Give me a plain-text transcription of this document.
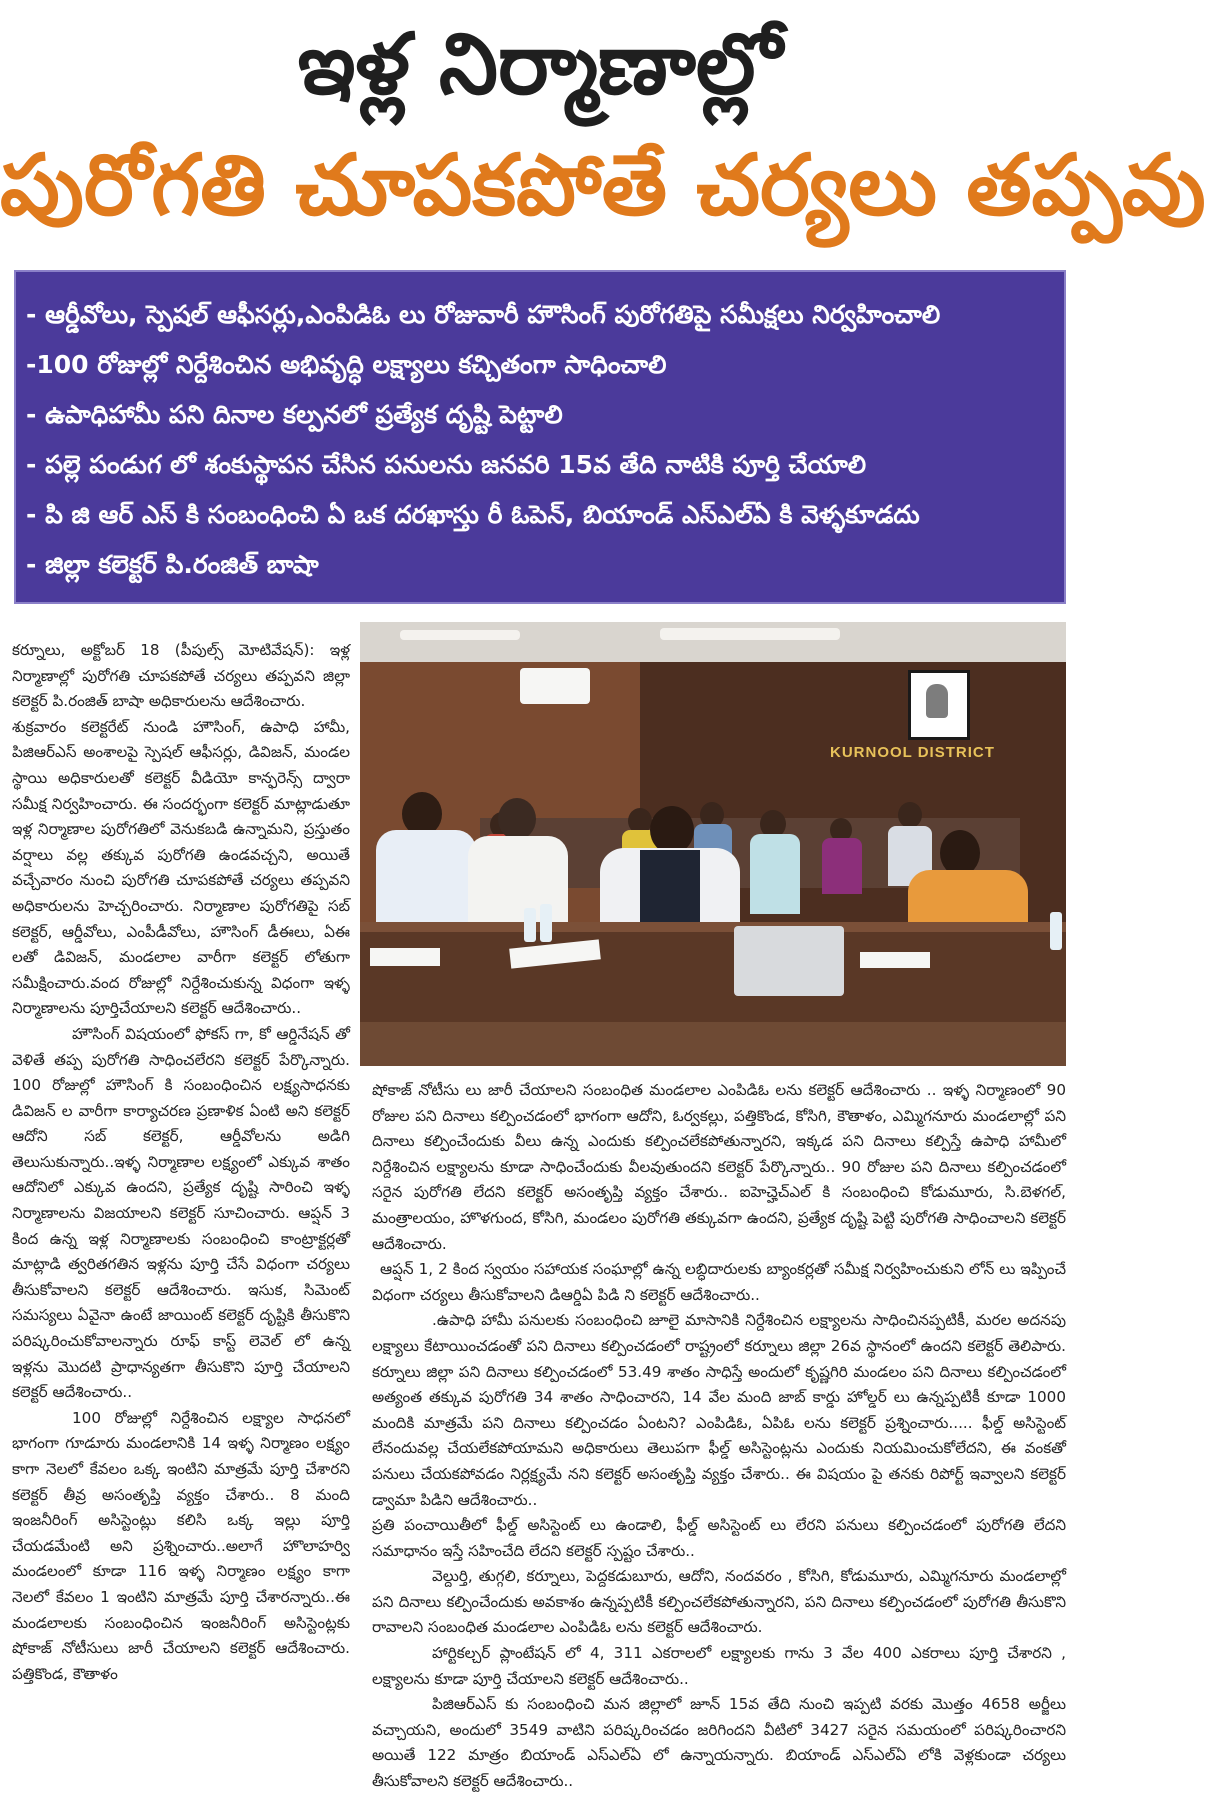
ఇళ్ల నిర్మాణాల్లో
పురోగతి చూపకపోతే చర్యలు తప్పవు
- ఆర్డీవోలు, స్పెషల్ ఆఫీసర్లు,ఎంపిడిఓ లు రోజువారీ హౌసింగ్ పురోగతిపై సమీక్షలు నిర్వహించాలి
-100 రోజుల్లో నిర్దేశించిన అభివృద్ధి లక్ష్యాలు కచ్చితంగా సాధించాలి
- ఉపాధిహామీ పని దినాల కల్పనలో ప్రత్యేక దృష్టి పెట్టాలి
- పల్లె పండుగ లో శంకుస్థాపన చేసిన పనులను జనవరి 15వ తేది నాటికి పూర్తి చేయాలి
- పి జి ఆర్ ఎస్ కి సంబంధించి ఏ ఒక దరఖాస్తు రీ ఓపెన్, బియాండ్ ఎస్ఎల్ఏ కి వెళ్ళకూడదు
- జిల్లా కలెక్టర్ పి.రంజిత్ బాషా
KURNOOL DISTRICT

కర్నూలు, అక్టోబర్ 18 (పీపుల్స్ మోటివేషన్): ఇళ్ల నిర్మాణాల్లో పురోగతి చూపకపోతే చర్యలు తప్పవని జిల్లా కలెక్టర్ పి.రంజిత్ బాషా అధికారులను ఆదేశించారు.

శుక్రవారం కలెక్టరేట్ నుండి హౌసింగ్, ఉపాధి హామీ, పిజిఆర్ఎస్ అంశాలపై స్పెషల్ ఆఫీసర్లు, డివిజన్, మండల స్థాయి అధికారులతో కలెక్టర్ వీడియో కాన్ఫరెన్స్ ద్వారా సమీక్ష నిర్వహించారు. ఈ సందర్భంగా కలెక్టర్ మాట్లాడుతూ ఇళ్ల నిర్మాణాల పురోగతిలో వెనుకబడి ఉన్నామని, ప్రస్తుతం వర్షాలు వల్ల తక్కువ పురోగతి ఉండవచ్చని, అయితే వచ్చేవారం నుంచి పురోగతి చూపకపోతే చర్యలు తప్పవని అధికారులను హెచ్చరించారు. నిర్మాణాల పురోగతిపై సబ్ కలెక్టర్, ఆర్డీవోలు, ఎంపీడీవోలు, హౌసింగ్ డీఈలు, ఏఈ లతో డివిజన్, మండలాల వారీగా కలెక్టర్ లోతుగా సమీక్షించారు.వంద రోజుల్లో నిర్దేశించుకున్న విధంగా ఇళ్ళ నిర్మాణాలను పూర్తిచేయాలని కలెక్టర్ ఆదేశించారు..

హౌసింగ్ విషయంలో ఫోకస్ గా, కో ఆర్డినేషన్ తో వెళితే తప్ప పురోగతి సాధించలేరని కలెక్టర్ పేర్కొన్నారు. 100 రోజుల్లో హౌసింగ్ కి సంబంధించిన లక్ష్యసాధనకు డివిజన్ ల వారీగా కార్యాచరణ ప్రణాళిక ఏంటి అని కలెక్టర్ ఆదోని సబ్ కలెక్టర్, ఆర్డీవోలను అడిగి తెలుసుకున్నారు..ఇళ్ళ నిర్మాణాల లక్ష్యంలో ఎక్కువ శాతం ఆదోనిలో ఎక్కువ ఉందని, ప్రత్యేక దృష్టి సారించి ఇళ్ళ నిర్మాణాలను విజయాలని కలెక్టర్ సూచించారు. ఆప్షన్ 3 కింద ఉన్న ఇళ్ల నిర్మాణాలకు సంబంధించి కాంట్రాక్టర్లతో మాట్లాడి త్వరితగతిన ఇళ్లను పూర్తి చేసే విధంగా చర్యలు తీసుకోవాలని కలెక్టర్ ఆదేశించారు. ఇసుక, సిమెంట్ సమస్యలు ఏవైనా ఉంటే జాయింట్ కలెక్టర్ దృష్టికి తీసుకొని పరిష్కరించుకోవాలన్నారు రూఫ్ కాస్ట్ లెవెల్ లో ఉన్న ఇళ్లను మొదటి ప్రాధాన్యతగా తీసుకొని పూర్తి చేయాలని కలెక్టర్ ఆదేశించారు..

100 రోజుల్లో నిర్దేశించిన లక్ష్యాల సాధనలో భాగంగా గూడూరు మండలానికి 14 ఇళ్ళ నిర్మాణం లక్ష్యం కాగా నెలలో కేవలం ఒక్క ఇంటిని మాత్రమే పూర్తి చేశారని కలెక్టర్ తీవ్ర అసంతృప్తి వ్యక్తం చేశారు.. 8 మంది ఇంజనీరింగ్ అసిస్టెంట్లు కలిసి ఒక్క ఇల్లు పూర్తి చేయడమేంటి అని ప్రశ్నించారు..అలాగే హొలాహర్వి మండలంలో కూడా 116 ఇళ్ళ నిర్మాణం లక్ష్యం కాగా నెలలో కేవలం 1 ఇంటిని మాత్రమే పూర్తి చేశారన్నారు..ఈ మండలాలకు సంబంధించిన ఇంజనీరింగ్ అసిస్టెంట్లకు షోకాజ్ నోటీసులు జారీ చేయాలని కలెక్టర్ ఆదేశించారు. పత్తికొండ, కౌతాళం

షోకాజ్ నోటీసు లు జారీ చేయాలని సంబంధిత మండలాల ఎంపిడిఓ లను కలెక్టర్ ఆదేశించారు .. ఇళ్ళ నిర్మాణంలో 90 రోజుల పని దినాలు కల్పించడంలో భాగంగా ఆదోని, ఓర్వకల్లు, పత్తికొండ, కోసిగి, కౌతాళం, ఎమ్మిగనూరు మండలాల్లో పని దినాలు కల్పించేందుకు వీలు ఉన్న ఎందుకు కల్పించలేకపోతున్నారని, ఇక్కడ పని దినాలు కల్పిస్తే ఉపాధి హామీలో నిర్దేశించిన లక్ష్యాలను కూడా సాధించేందుకు వీలవుతుందని కలెక్టర్ పేర్కొన్నారు.. 90 రోజుల పని దినాలు కల్పించడంలో సరైన పురోగతి లేదని కలెక్టర్ అసంతృప్తి వ్యక్తం చేశారు.. ఐహెచ్హెచ్ఎల్ కి సంబంధించి కోడుమూరు, సి.బెళగల్, మంత్రాలయం, హొళగుంద, కోసిగి, మండలం పురోగతి తక్కువగా ఉందని, ప్రత్యేక దృష్టి పెట్టి పురోగతి సాధించాలని కలెక్టర్ ఆదేశించారు.

ఆప్షన్ 1, 2 కింద స్వయం సహాయక సంఘాల్లో ఉన్న లబ్ధిదారులకు బ్యాంకర్లతో సమీక్ష నిర్వహించుకుని లోన్ లు ఇప్పించే విధంగా చర్యలు తీసుకోవాలని డిఆర్డిఏ పిడి ని కలెక్టర్ ఆదేశించారు..

.ఉపాధి హామీ పనులకు సంబంధించి జూలై మాసానికి నిర్దేశించిన లక్ష్యాలను సాధించినప్పటికీ, మరల అదనపు లక్ష్యాలు కేటాయించడంతో పని దినాలు కల్పించడంలో రాష్ట్రంలో కర్నూలు జిల్లా 26వ స్థానంలో ఉందని కలెక్టర్ తెలిపారు. కర్నూలు జిల్లా పని దినాలు కల్పించడంలో 53.49 శాతం సాధిస్తే అందులో కృష్ణగిరి మండలం పని దినాలు కల్పించడంలో అత్యంత తక్కువ పురోగతి 34 శాతం సాధించారని, 14 వేల మంది జాబ్ కార్డు హోల్డర్ లు ఉన్నప్పటికీ కూడా 1000 మందికి మాత్రమే పని దినాలు కల్పించడం ఏంటని? ఎంపిడిఓ, ఏపిఓ లను కలెక్టర్ ప్రశ్నించారు..... ఫీల్డ్ అసిస్టెంట్ లేనందువల్ల చేయలేకపోయామని అధికారులు తెలుపగా ఫీల్డ్ అసిస్టెంట్లను ఎందుకు నియమించుకోలేదని, ఈ వంకతో పనులు చేయకపోవడం నిర్లక్ష్యమే నని కలెక్టర్ అసంతృప్తి వ్యక్తం చేశారు.. ఈ విషయం పై తనకు రిపోర్ట్ ఇవ్వాలని కలెక్టర్ డ్వామా పిడిని ఆదేశించారు..

ప్రతి పంచాయితీలో ఫీల్డ్ అసిస్టెంట్ లు ఉండాలి, ఫీల్డ్ అసిస్టెంట్ లు లేరని పనులు కల్పించడంలో పురోగతి లేదని సమాధానం ఇస్తే సహించేది లేదని కలెక్టర్ స్పష్టం చేశారు..

వెల్దుర్తి, తుగ్గలి, కర్నూలు, పెద్దకడుబూరు, ఆదోని, నందవరం , కోసిగి, కోడుమూరు, ఎమ్మిగనూరు మండలాల్లో పని దినాలు కల్పించేందుకు అవకాశం ఉన్నప్పటికీ కల్పించలేకపోతున్నారని, పని దినాలు కల్పించడంలో పురోగతి తీసుకొని రావాలని సంబంధిత మండలాల ఎంపిడిఓ లను కలెక్టర్ ఆదేశించారు.

హార్టికల్చర్ ప్లాంటేషన్ లో 4, 311 ఎకరాలలో లక్ష్యాలకు గాను 3 వేల 400 ఎకరాలు పూర్తి చేశారని , లక్ష్యాలను కూడా పూర్తి చేయాలని కలెక్టర్ ఆదేశించారు..

పిజిఆర్ఎస్ కు సంబంధించి మన జిల్లాలో జూన్ 15వ తేది నుంచి ఇప్పటి వరకు మొత్తం 4658 అర్జీలు వచ్చాయని, అందులో 3549 వాటిని పరిష్కరించడం జరిగిందని వీటిలో 3427 సరైన సమయంలో పరిష్కరించారని అయితే 122 మాత్రం బియాండ్ ఎస్ఎల్ఏ లో ఉన్నాయన్నారు. బియాండ్ ఎస్ఎల్ఏ లోకి వెళ్లకుండా చర్యలు తీసుకోవాలని కలెక్టర్ ఆదేశించారు..
